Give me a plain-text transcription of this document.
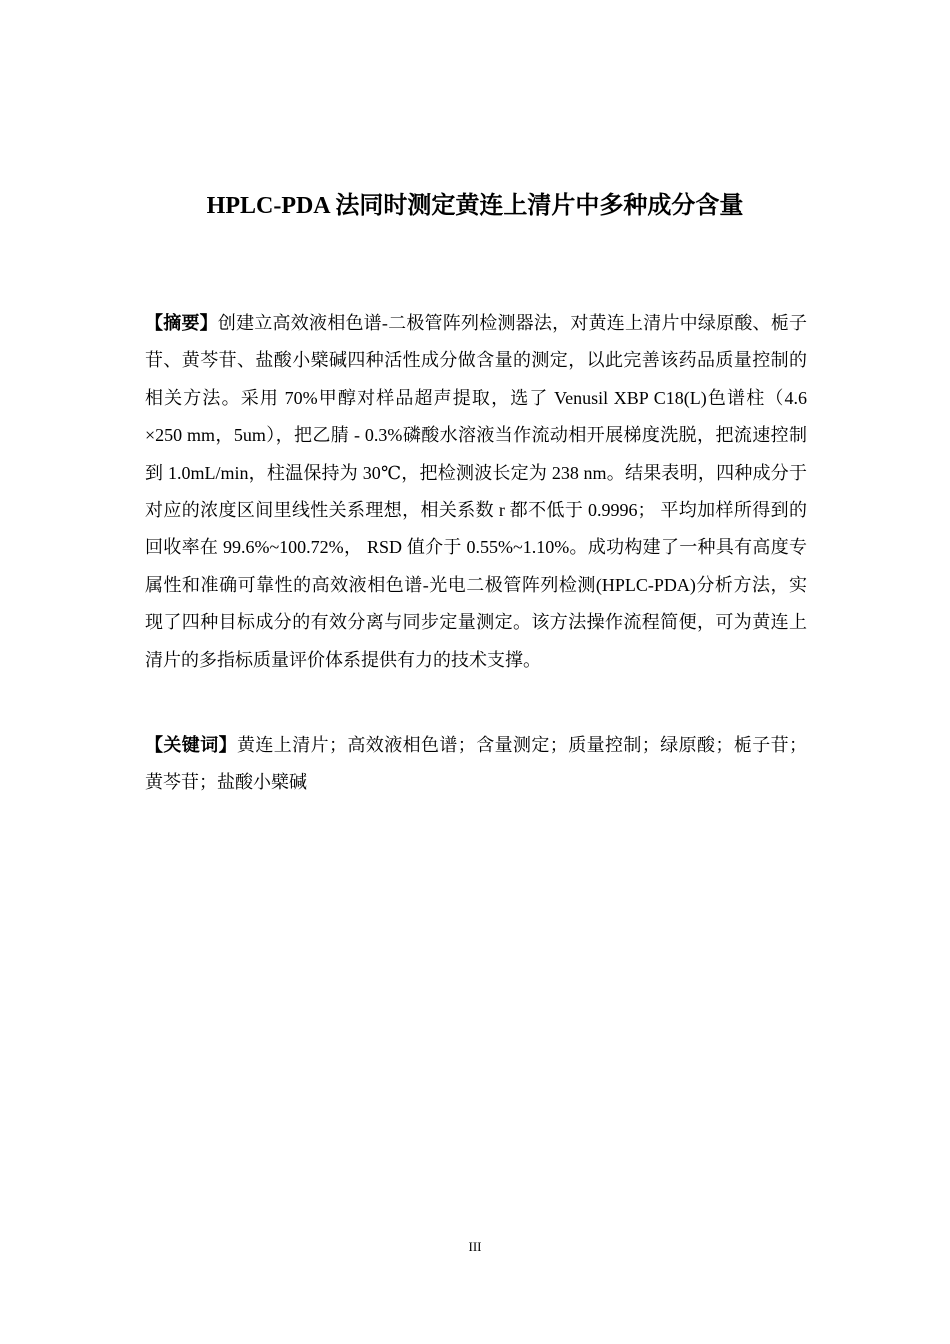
HPLC-PDA 法同时测定黄连上清片中多种成分含量

【摘要】创建立高效液相色谱-二极管阵列检测器法，对黄连上清片中绿原酸、栀子苷、黄芩苷、盐酸小檗碱四种活性成分做含量的测定，以此完善该药品质量控制的相关方法。采用 70%甲醇对样品超声提取，选了 Venusil XBP C18(L)色谱柱（4.6 ×250 mm，5um），把乙腈 - 0.3%磷酸水溶液当作流动相开展梯度洗脱，把流速控制到 1.0mL/min，柱温保持为 30℃，把检测波长定为 238 nm。结果表明，四种成分于对应的浓度区间里线性关系理想，相关系数 r 都不低于 0.9996； 平均加样所得到的回收率在 99.6%~100.72%， RSD 值介于 0.55%~1.10%。成功构建了一种具有高度专属性和准确可靠性的高效液相色谱-光电二极管阵列检测(HPLC-PDA)分析方法，实现了四种目标成分的有效分离与同步定量测定。该方法操作流程简便，可为黄连上清片的多指标质量评价体系提供有力的技术支撑。

【关键词】黄连上清片；高效液相色谱；含量测定；质量控制；绿原酸；栀子苷；黄芩苷；盐酸小檗碱

III
